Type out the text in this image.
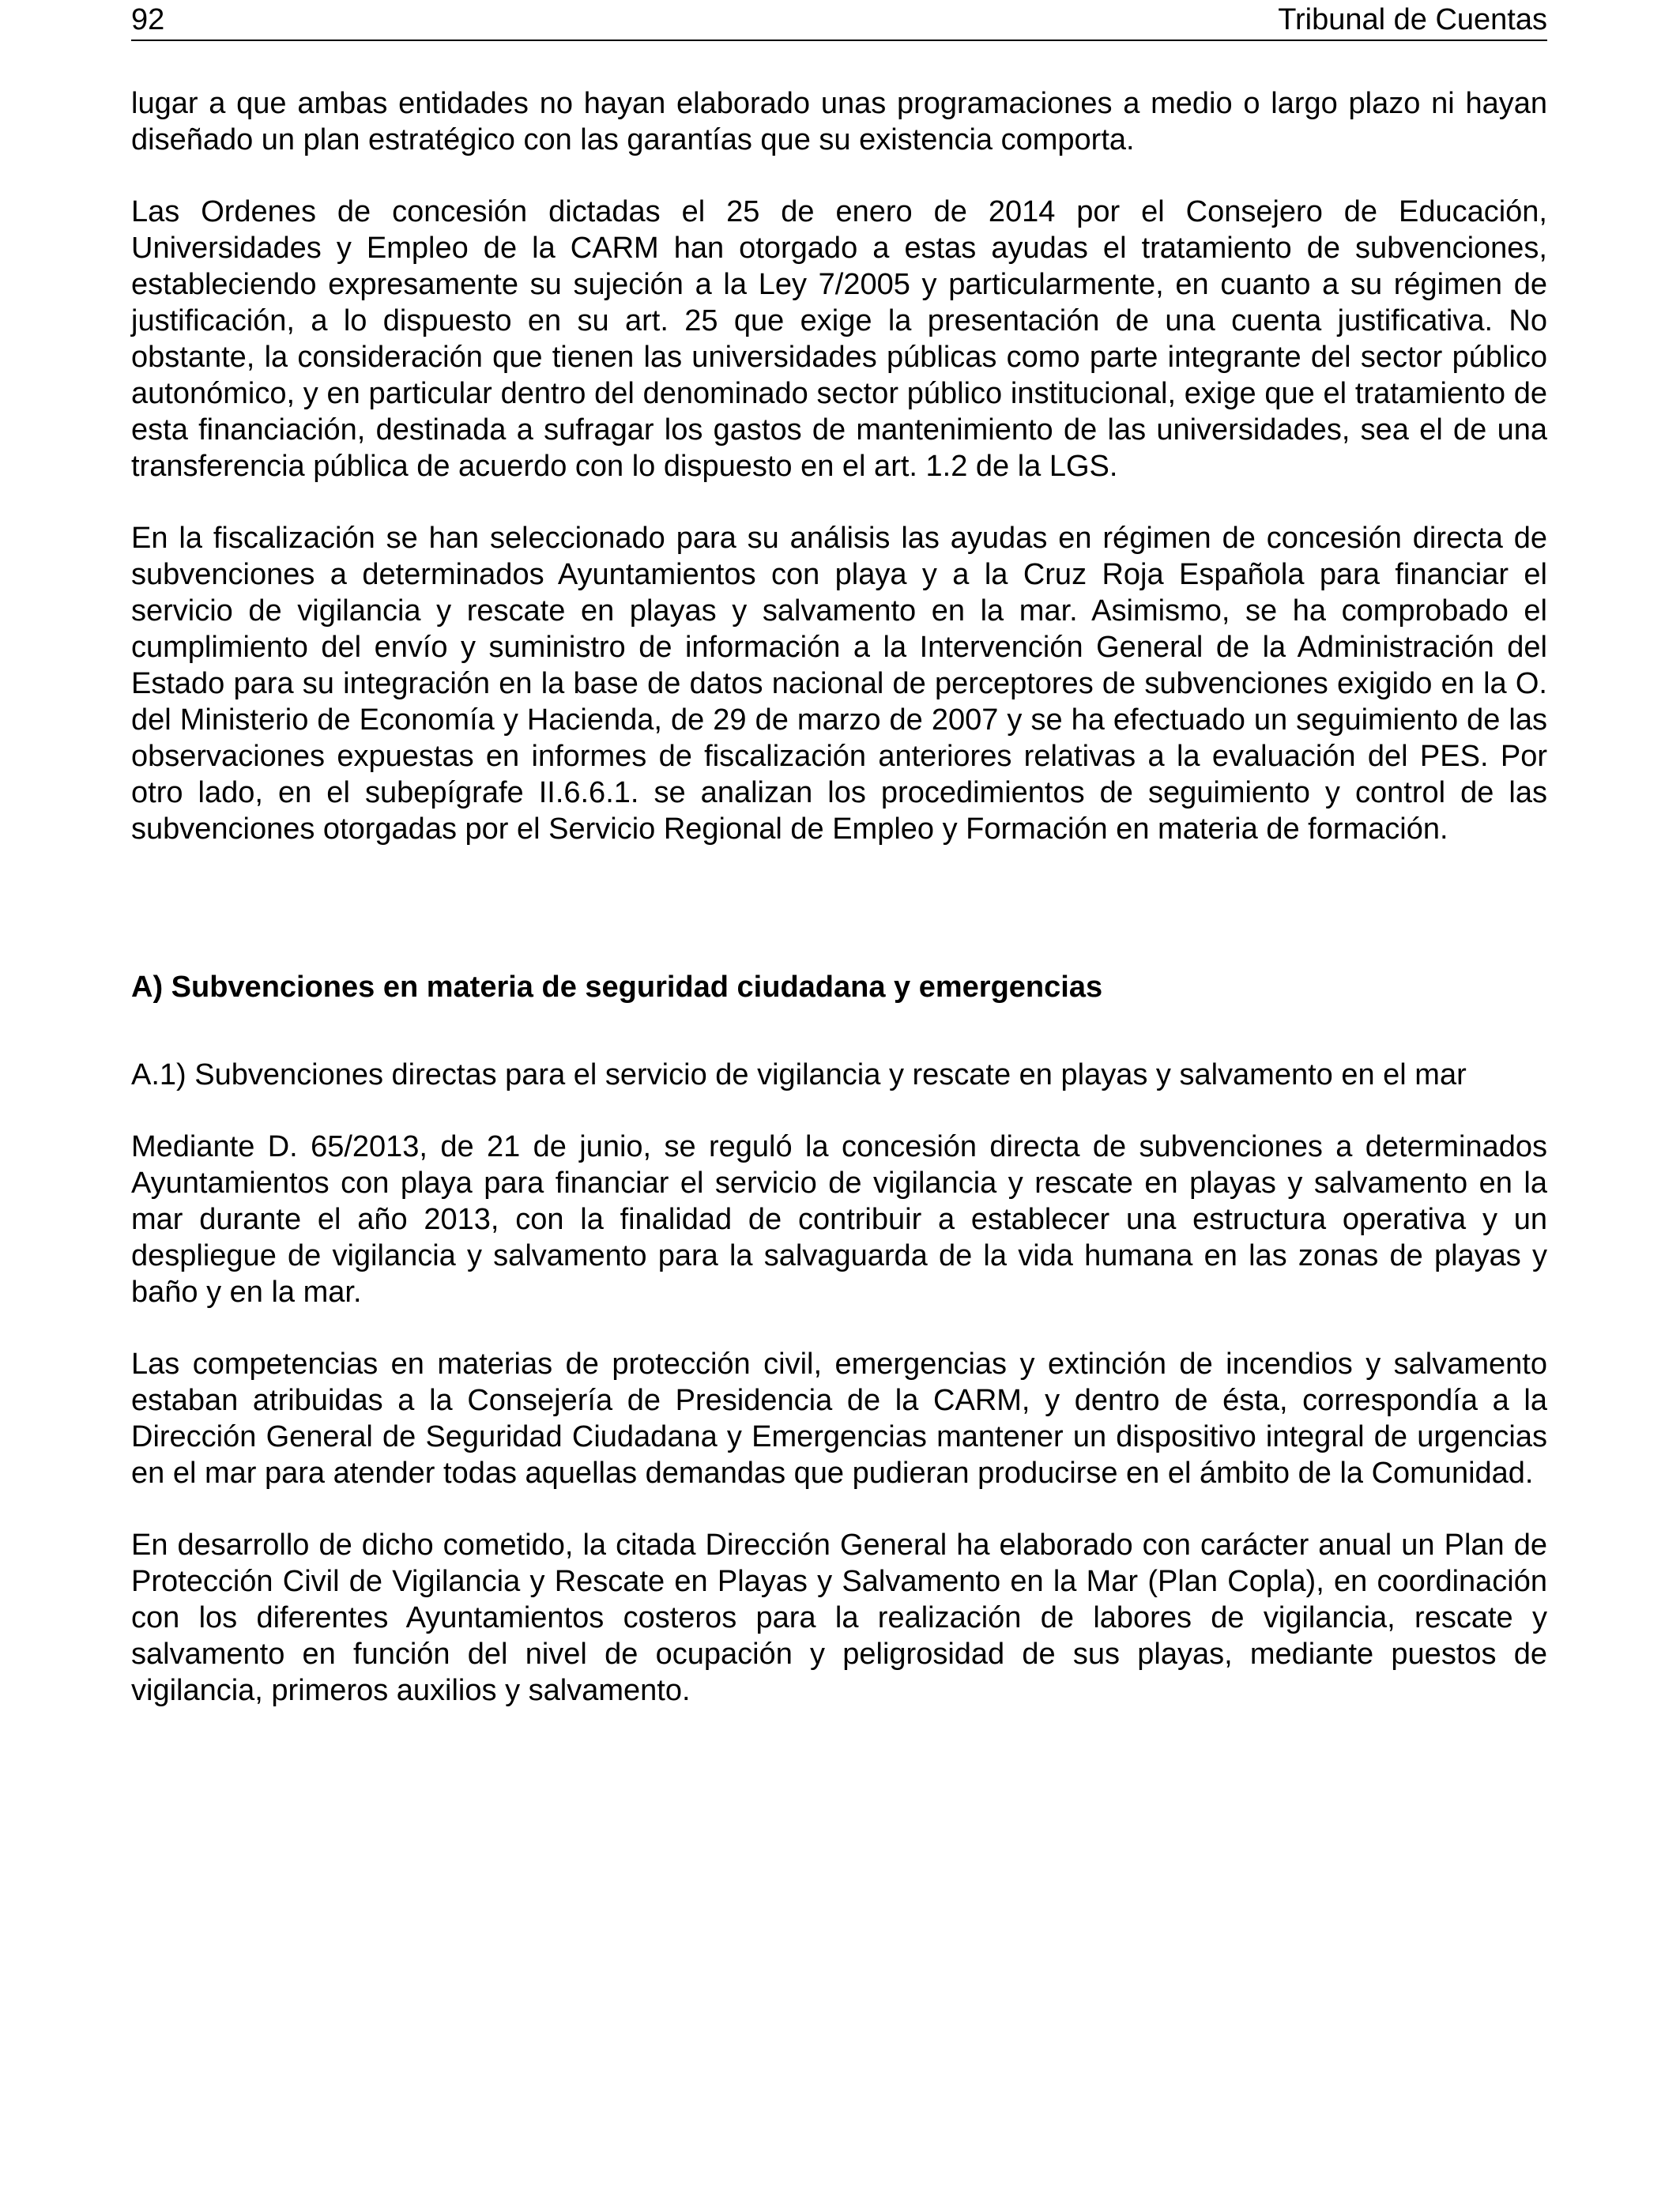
92	Tribunal de Cuentas

lugar a que ambas entidades no hayan elaborado unas programaciones a medio o largo plazo ni hayan diseñado un plan estratégico con las garantías que su existencia comporta.

Las Ordenes de concesión dictadas el 25 de enero de 2014 por el Consejero de Educación, Universidades y Empleo de la CARM han otorgado a estas ayudas el tratamiento de subvenciones, estableciendo expresamente su sujeción a la Ley 7/2005 y particularmente, en cuanto a su régimen de justificación, a lo dispuesto en su art. 25 que exige la presentación de una cuenta justificativa. No obstante, la consideración que tienen las universidades públicas como parte integrante del sector público autonómico, y en particular dentro del denominado sector público institucional, exige que el tratamiento de esta financiación, destinada a sufragar los gastos de mantenimiento de las universidades, sea el de una transferencia pública de acuerdo con lo dispuesto en el art. 1.2 de la LGS.

En la fiscalización se han seleccionado para su análisis las ayudas en régimen de concesión directa de subvenciones a determinados Ayuntamientos con playa y a la Cruz Roja Española para financiar el servicio de vigilancia y rescate en playas y salvamento en la mar. Asimismo, se ha comprobado el cumplimiento del envío y suministro de información a la Intervención General de la Administración del Estado para su integración en la base de datos nacional de perceptores de subvenciones exigido en la O. del Ministerio de Economía y Hacienda, de 29 de marzo de 2007 y se ha efectuado un seguimiento de las observaciones expuestas en informes de fiscalización anteriores relativas a la evaluación del PES. Por otro lado, en el subepígrafe II.6.6.1. se analizan los procedimientos de seguimiento y control de las subvenciones otorgadas por el Servicio Regional de Empleo y Formación en materia de formación.

A) Subvenciones en materia de seguridad ciudadana y emergencias

A.1) Subvenciones directas para el servicio de vigilancia y rescate en playas y salvamento en el mar

Mediante D. 65/2013, de 21 de junio, se reguló la concesión directa de subvenciones a determinados Ayuntamientos con playa para financiar el servicio de vigilancia y rescate en playas y salvamento en la mar durante el año 2013, con la finalidad de contribuir a establecer una estructura operativa y un despliegue de vigilancia y salvamento para la salvaguarda de la vida humana en las zonas de playas y baño y en la mar.

Las competencias en materias de protección civil, emergencias y extinción de incendios y salvamento estaban atribuidas a la Consejería de Presidencia de la CARM, y dentro de ésta, correspondía a la Dirección General de Seguridad Ciudadana y Emergencias mantener un dispositivo integral de urgencias en el mar para atender todas aquellas demandas que pudieran producirse en el ámbito de la Comunidad.

En desarrollo de dicho cometido, la citada Dirección General ha elaborado con carácter anual un Plan de Protección Civil de Vigilancia y Rescate en Playas y Salvamento en la Mar (Plan Copla), en coordinación con los diferentes Ayuntamientos costeros para la realización de labores de vigilancia, rescate y salvamento en función del nivel de ocupación y peligrosidad de sus playas, mediante puestos de vigilancia, primeros auxilios y salvamento.
